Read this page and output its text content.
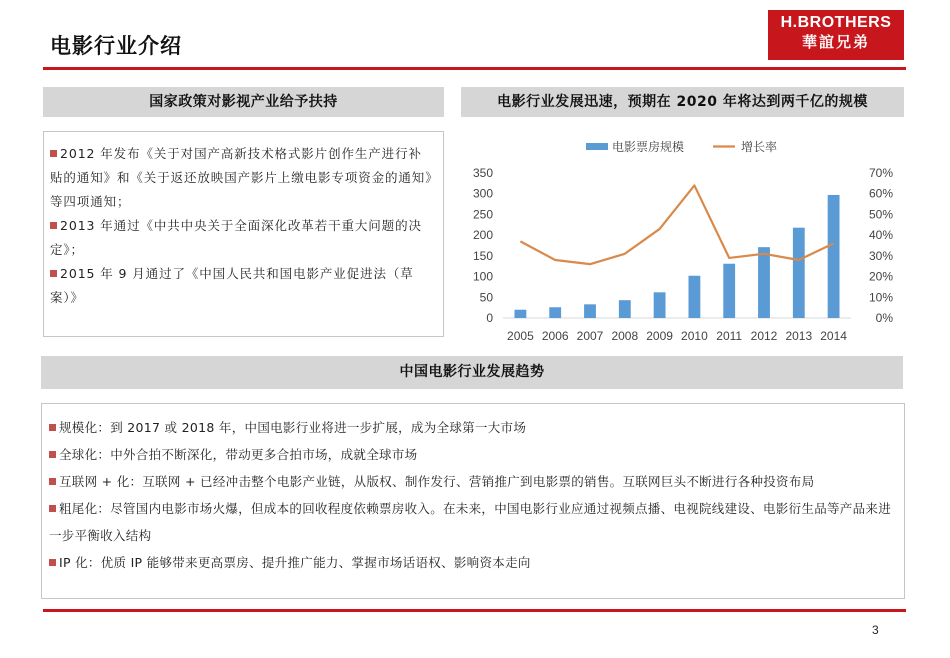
电影行业介绍
H.BROTHERS
華誼兄弟
国家政策对影视产业给予扶持	电影行业发展迅速，预期在 2020 年将达到两千亿的规模
2012 年发布《关于对国产高新技术格式影片创作生产进行补贴的通知》和《关于返还放映国产影片上缴电影专项资金的通知》等四项通知；
2013 年通过《中共中央关于全面深化改革若干重大问题的决定》；
2015 年 9 月通过了《中国人民共和国电影产业促进法（草案）》
0
50
100
150
200
250
300
350
0%
10%
20%
30%
40%
50%
60%
70%
2005 2006 2007 2008 2009 2010 2011 2012 2013 2014
电影票房规模	增长率
中国电影行业发展趋势
规模化：到 2017 或 2018 年，中国电影行业将进一步扩展，成为全球第一大市场
全球化：中外合拍不断深化，带动更多合拍市场，成就全球市场
互联网 + 化：互联网 + 已经冲击整个电影产业链，从版权、制作发行、营销推广到电影票的销售。互联网巨头不断进行各种投资布局
粗尾化：尽管国内电影市场火爆，但成本的回收程度依赖票房收入。在未来，中国电影行业应通过视频点播、电视院线建设、电影衍生品等产品来进一步平衡收入结构
IP 化：优质 IP 能够带来更高票房、提升推广能力、掌握市场话语权、影响资本走向
3
